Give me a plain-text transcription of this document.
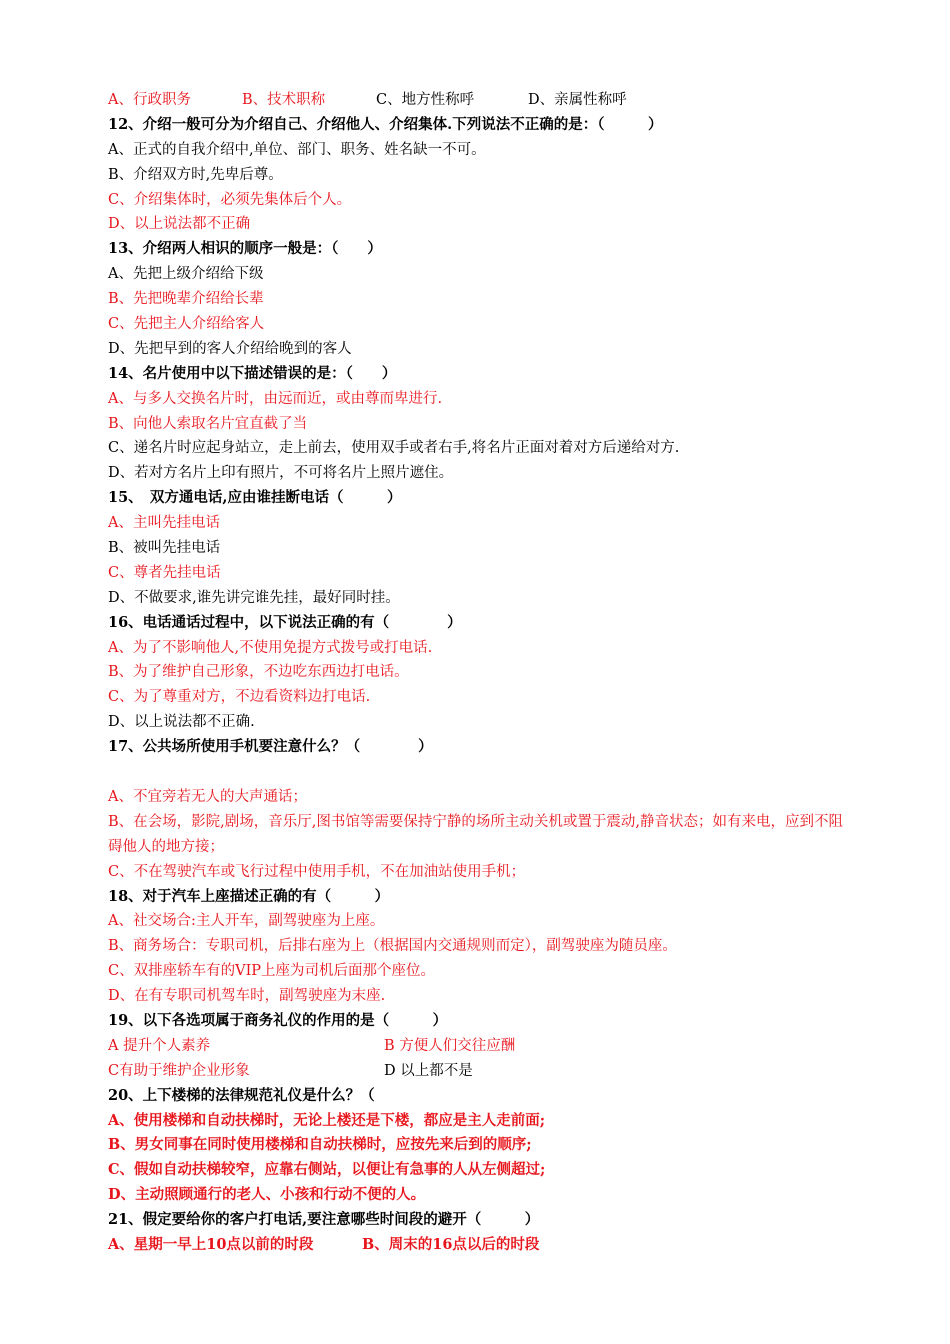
A、行政职务	B、技术职称	C、地方性称呼	D、亲属性称呼
12、介绍一般可分为介绍自己、介绍他人、介绍集体.下列说法不正确的是：（　　　）
A、正式的自我介绍中,单位、部门、职务、姓名缺一不可。
B、介绍双方时,先卑后尊。
C、介绍集体时，必须先集体后个人。
D、以上说法都不正确
13、介绍两人相识的顺序一般是：（　　）
A、先把上级介绍给下级
B、先把晚辈介绍给长辈
C、先把主人介绍给客人
D、先把早到的客人介绍给晚到的客人
14、名片使用中以下描述错误的是：（　　）
A、与多人交换名片时，由远而近，或由尊而卑进行.
B、向他人索取名片宜直截了当
C、递名片时应起身站立，走上前去，使用双手或者右手,将名片正面对着对方后递给对方.
D、若对方名片上印有照片，不可将名片上照片遮住。
15、　双方通电话,应由谁挂断电话（　　　）
A、主叫先挂电话
B、被叫先挂电话
C、尊者先挂电话
D、不做要求,谁先讲完谁先挂，最好同时挂。
16、电话通话过程中，以下说法正确的有（　　　　）
A、为了不影响他人,不使用免提方式拨号或打电话.
B、为了维护自己形象，不边吃东西边打电话。
C、为了尊重对方，不边看资料边打电话.
D、以上说法都不正确.
17、公共场所使用手机要注意什么？（　　　　）
A、不宜旁若无人的大声通话；
B、在会场，影院,剧场，音乐厅,图书馆等需要保持宁静的场所主动关机或置于震动,静音状态；如有来电，应到不阻碍他人的地方接；
C、不在驾驶汽车或飞行过程中使用手机，不在加油站使用手机；
18、对于汽车上座描述正确的有（　　　）
A、社交场合:主人开车，副驾驶座为上座。
B、商务场合：专职司机，后排右座为上（根据国内交通规则而定），副驾驶座为随员座。
C、双排座轿车有的VIP上座为司机后面那个座位。
D、在有专职司机驾车时，副驾驶座为末座.
19、以下各选项属于商务礼仪的作用的是（　　　）
A 提升个人素养	B 方便人们交往应酬
C有助于维护企业形象	D 以上都不是
20、上下楼梯的法律规范礼仪是什么？（
A、使用楼梯和自动扶梯时，无论上楼还是下楼，都应是主人走前面;
B、男女同事在同时使用楼梯和自动扶梯时，应按先来后到的顺序;
C、假如自动扶梯较窄，应靠右侧站，以便让有急事的人从左侧超过;
D、主动照顾通行的老人、小孩和行动不便的人。
21、假定要给你的客户打电话,要注意哪些时间段的避开（　　　）
A、星期一早上10点以前的时段	B、周末的16点以后的时段
